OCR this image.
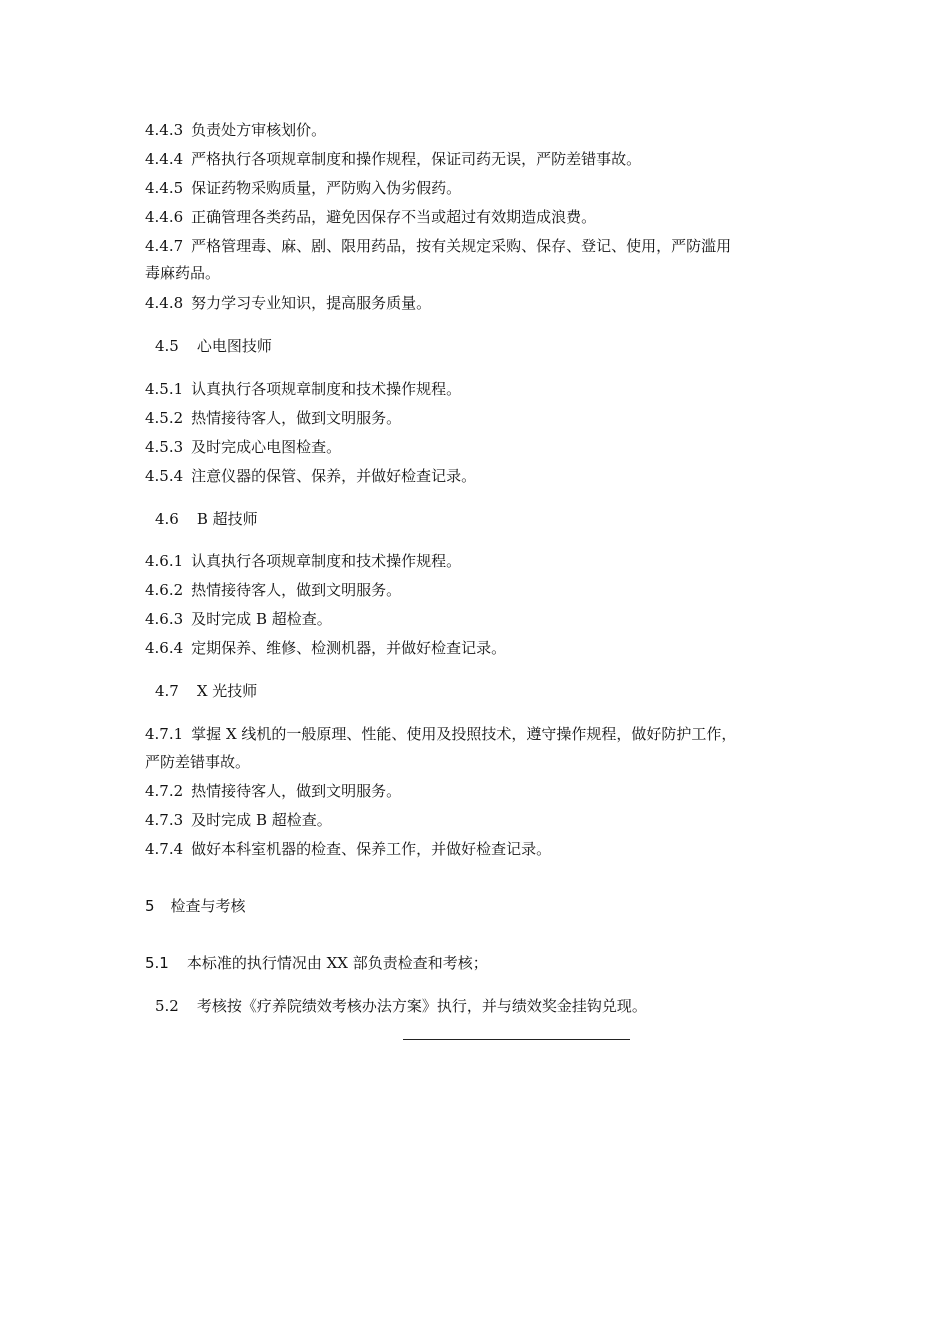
4.4.3 负责处方审核划价。
4.4.4 严格执行各项规章制度和操作规程，保证司药无误，严防差错事故。
4.4.5 保证药物采购质量，严防购入伪劣假药。
4.4.6 正确管理各类药品，避免因保存不当或超过有效期造成浪费。
4.4.7 严格管理毒、麻、剧、限用药品，按有关规定采购、保存、登记、使用，严防滥用
毒麻药品。
4.4.8 努力学习专业知识，提高服务质量。
4.5 心电图技师
4.5.1 认真执行各项规章制度和技术操作规程。
4.5.2 热情接待客人，做到文明服务。
4.5.3 及时完成心电图检查。
4.5.4 注意仪器的保管、保养，并做好检查记录。
4.6 B 超技师
4.6.1 认真执行各项规章制度和技术操作规程。
4.6.2 热情接待客人，做到文明服务。
4.6.3 及时完成 B 超检查。
4.6.4 定期保养、维修、检测机器，并做好检查记录。
4.7 X 光技师
4.7.1 掌握 X 线机的一般原理、性能、使用及投照技术，遵守操作规程，做好防护工作，
严防差错事故。
4.7.2 热情接待客人，做到文明服务。
4.7.3 及时完成 B 超检查。
4.7.4 做好本科室机器的检查、保养工作，并做好检查记录。
5 检查与考核
5.1 本标准的执行情况由 XX 部负责检查和考核；
5.2 考核按《疗养院绩效考核办法方案》执行，并与绩效奖金挂钩兑现。
